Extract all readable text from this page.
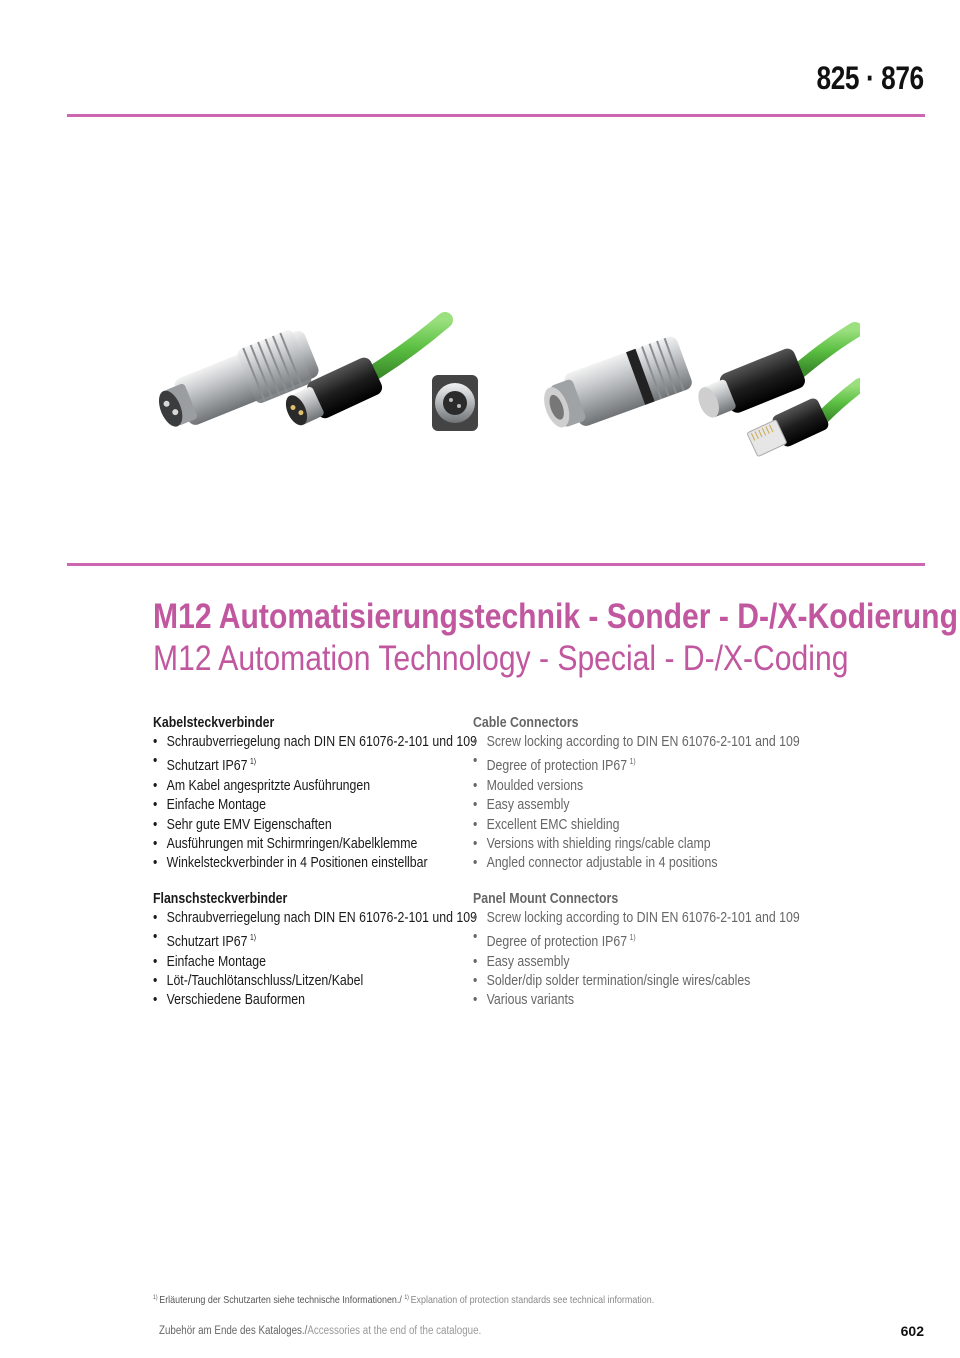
825 · 876
M12 Automatisierungstechnik - Sonder - D-/X-Kodierung
M12 Automation Technology - Special - D-/X-Coding
Kabelsteckverbinder
• Schraubverriegelung nach DIN EN 61076-2-101 und 109
• Schutzart IP67 $^{1)}$
• Am Kabel angespritzte Ausführungen
• Einfache Montage
• Sehr gute EMV Eigenschaften
• Ausführungen mit Schirmringen/Kabelklemme
• Winkelsteckverbinder in 4 Positionen einstellbar
Flanschsteckverbinder
• Schraubverriegelung nach DIN EN 61076-2-101 und 109
• Schutzart IP67 $^{1)}$
• Einfache Montage
• Löt-/Tauchlötanschluss/Litzen/Kabel
• Verschiedene Bauformen
Cable Connectors
• Screw locking according to DIN EN 61076-2-101 and 109
• Degree of protection IP67 $^{1)}$
• Moulded versions
• Easy assembly
• Excellent EMC shielding
• Versions with shielding rings/cable clamp
• Angled connector adjustable in 4 positions
Panel Mount Connectors
• Screw locking according to DIN EN 61076-2-101 and 109
• Degree of protection IP67 $^{1)}$
• Easy assembly
• Solder/dip solder termination/single wires/cables
• Various variants
$^{1)}$ Erläuterung der Schutzarten siehe technische Informationen./ $^{1)}$ Explanation of protection standards see technical information.
Zubehör am Ende des Kataloges./Accessories at the end of the catalogue.	602
